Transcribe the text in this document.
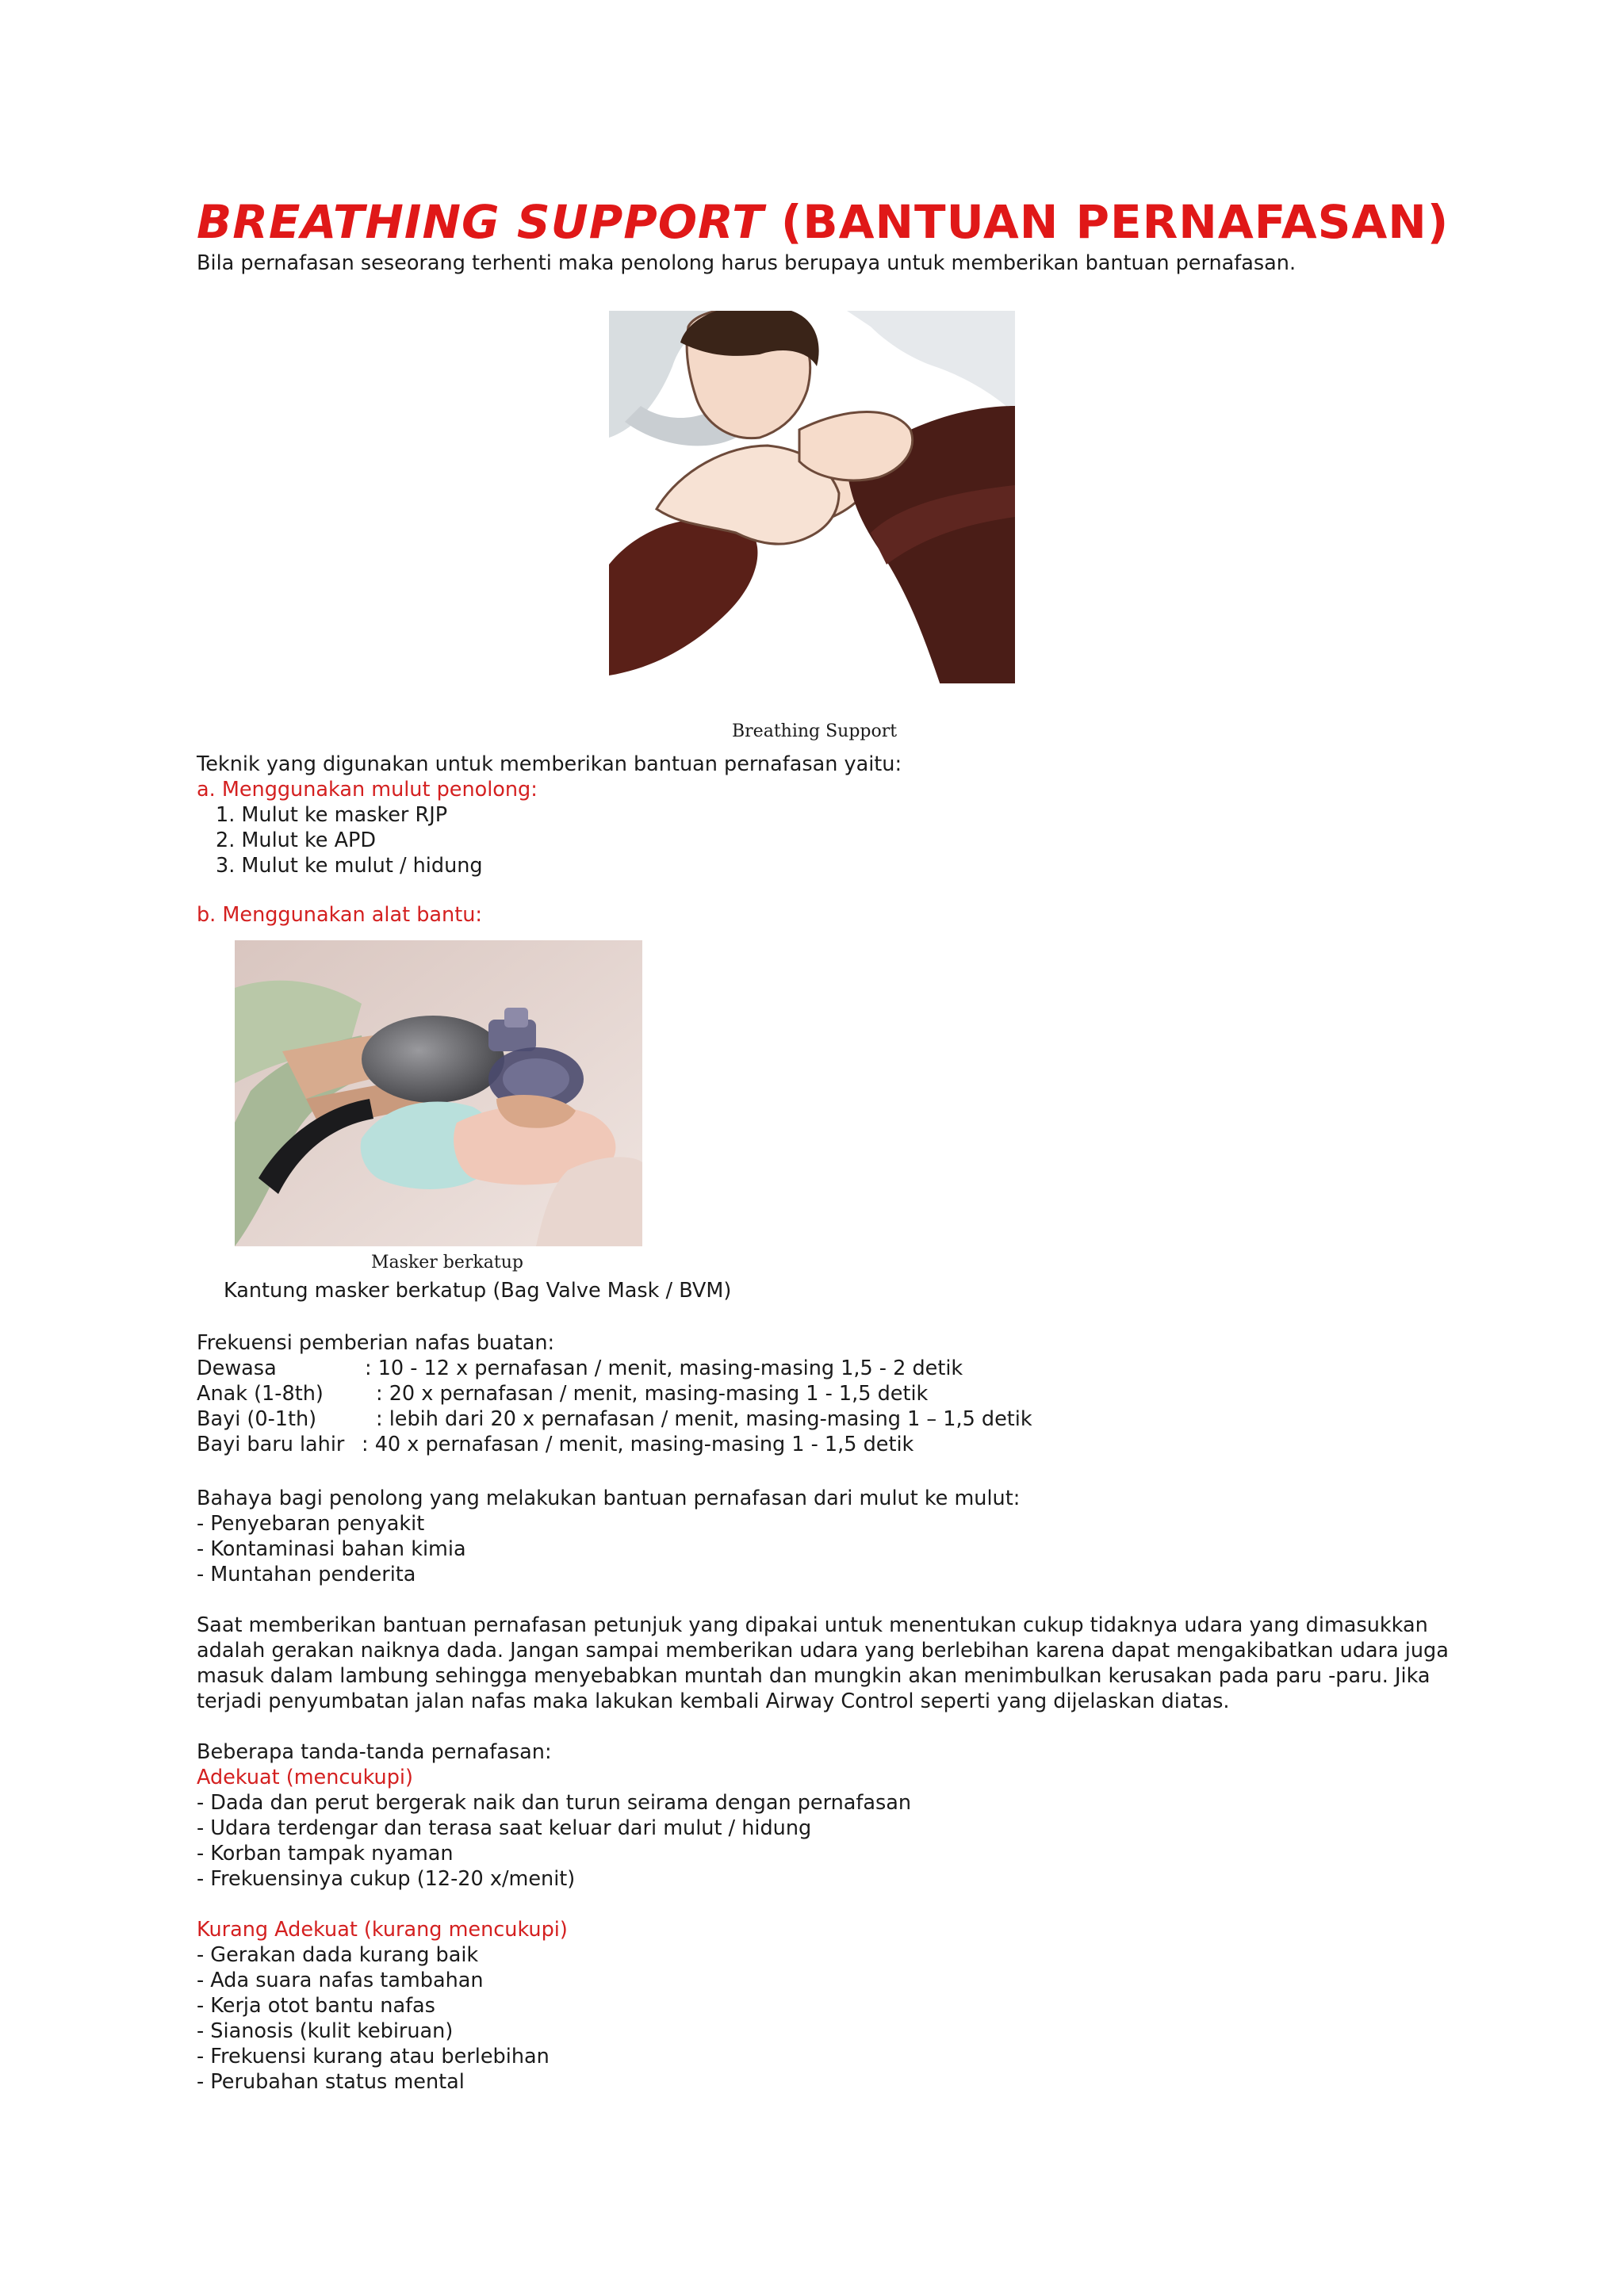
BREATHING SUPPORT (BANTUAN PERNAFASAN)
Bila pernafasan seseorang terhenti maka penolong harus berupaya untuk memberikan bantuan pernafasan.
Breathing Support
Teknik yang digunakan untuk memberikan bantuan pernafasan yaitu:
a. Menggunakan mulut penolong:
1. Mulut ke masker RJP
2. Mulut ke APD
3. Mulut ke mulut / hidung
b. Menggunakan alat bantu:
Masker berkatup
Kantung masker berkatup (Bag Valve Mask / BVM)
Frekuensi pemberian nafas buatan:
Dewasa	: 10 - 12 x pernafasan / menit, masing-masing 1,5 - 2 detik
Anak (1-8th)	: 20 x pernafasan / menit, masing-masing 1 - 1,5 detik
Bayi (0-1th)	: lebih dari 20 x pernafasan / menit, masing-masing 1 – 1,5 detik
Bayi baru lahir : 40 x pernafasan / menit, masing-masing 1 - 1,5 detik
Bahaya bagi penolong yang melakukan bantuan pernafasan dari mulut ke mulut:
- Penyebaran penyakit
- Kontaminasi bahan kimia
- Muntahan penderita
Saat memberikan bantuan pernafasan petunjuk yang dipakai untuk menentukan cukup tidaknya udara yang dimasukkan
adalah gerakan naiknya dada. Jangan sampai memberikan udara yang berlebihan karena dapat mengakibatkan udara juga
masuk dalam lambung sehingga menyebabkan muntah dan mungkin akan menimbulkan kerusakan pada paru -paru. Jika
terjadi penyumbatan jalan nafas maka lakukan kembali Airway Control seperti yang dijelaskan diatas.
Beberapa tanda-tanda pernafasan:
Adekuat (mencukupi)
- Dada dan perut bergerak naik dan turun seirama dengan pernafasan
- Udara terdengar dan terasa saat keluar dari mulut / hidung
- Korban tampak nyaman
- Frekuensinya cukup (12-20 x/menit)
Kurang Adekuat (kurang mencukupi)
- Gerakan dada kurang baik
- Ada suara nafas tambahan
- Kerja otot bantu nafas
- Sianosis (kulit kebiruan)
- Frekuensi kurang atau berlebihan
- Perubahan status mental
